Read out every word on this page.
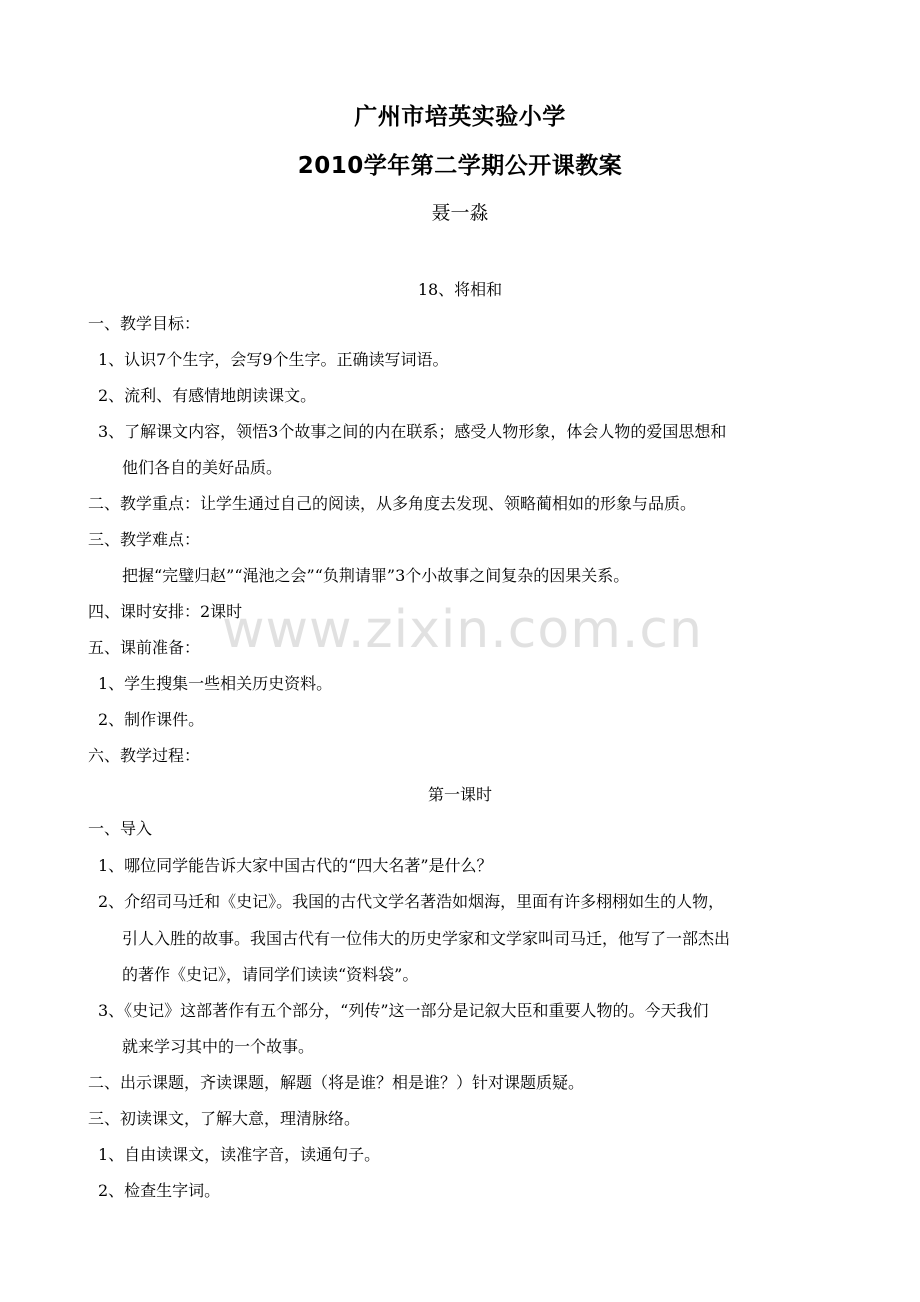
广州市培英实验小学
2010学年第二学期公开课教案
聂一淼
18、将相和
一、教学目标：
1、认识7个生字，会写9个生字。正确读写词语。
2、流利、有感情地朗读课文。
3、了解课文内容，领悟3个故事之间的内在联系；感受人物形象，体会人物的爱国思想和
他们各自的美好品质。
二、教学重点：让学生通过自己的阅读，从多角度去发现、领略蔺相如的形象与品质。
三、教学难点：
把握“完璧归赵”“渑池之会”“负荆请罪”3个小故事之间复杂的因果关系。
四、课时安排：2课时
五、课前准备：
1、学生搜集一些相关历史资料。
2、制作课件。
六、教学过程：
第一课时
一、导入
1、哪位同学能告诉大家中国古代的“四大名著”是什么？
2、介绍司马迁和《史记》。我国的古代文学名著浩如烟海，里面有许多栩栩如生的人物，
引人入胜的故事。我国古代有一位伟大的历史学家和文学家叫司马迁，他写了一部杰出
的著作《史记》，请同学们读读“资料袋”。
3、《史记》这部著作有五个部分，“列传”这一部分是记叙大臣和重要人物的。今天我们
就来学习其中的一个故事。
二、出示课题，齐读课题，解题（将是谁？相是谁？）针对课题质疑。
三、初读课文，了解大意，理清脉络。
1、自由读课文，读准字音，读通句子。
2、检查生字词。
www.zixin.com.cn
